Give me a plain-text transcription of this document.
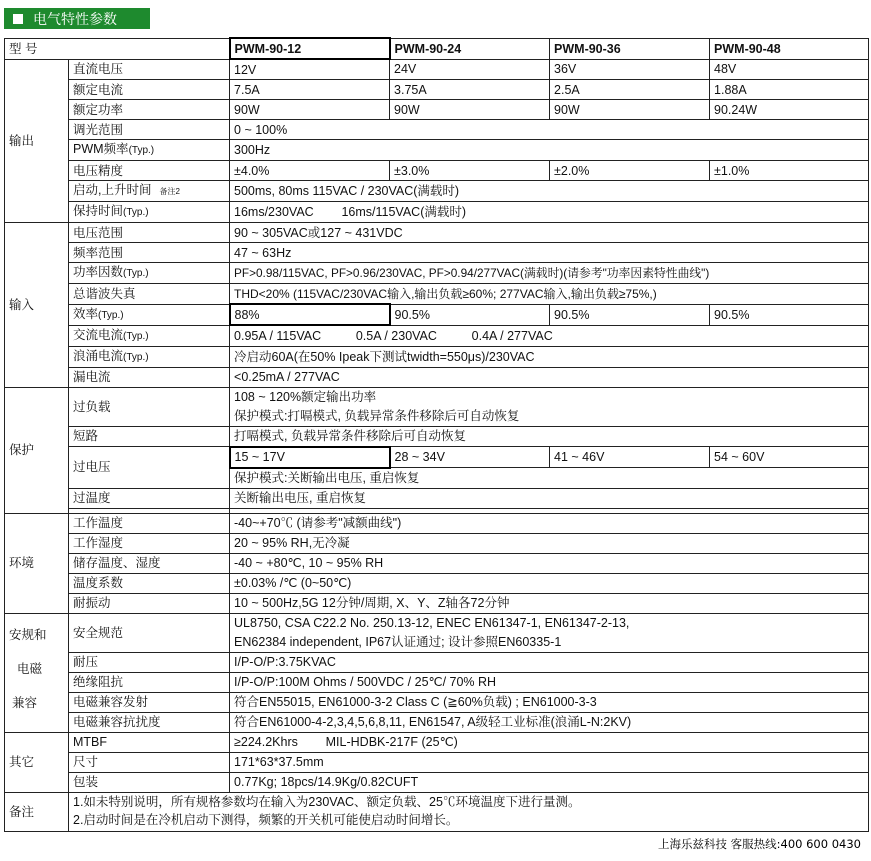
电气特性参数
型 号		PWM-90-12	PWM-90-24	PWM-90-36	PWM-90-48
输出	直流电压	12V	24V	36V	48V
	额定电流	7.5A	3.75A	2.5A	1.88A
	额定功率	90W	90W	90W	90.24W
	调光范围	0 ~ 100%			
	PWM频率(Typ.)	300Hz			
	电压精度	±4.0%	±3.0%	±2.0%	±1.0%
	启动,上升时间 备注2	500ms, 80ms 115VAC / 230VAC(满载时)			
	保持时间(Typ.)	16ms/230VAC        16ms/115VAC(满载时)			
输入	电压范围	90 ~ 305VAC或127 ~ 431VDC			
	频率范围	47 ~ 63Hz			
	功率因数(Typ.)	PF>0.98/115VAC, PF>0.96/230VAC, PF>0.94/277VAC(满载时)(请参考"功率因素特性曲线")			
	总谐波失真	THD<20% (115VAC/230VAC输入,输出负载≥60%; 277VAC输入,输出负载≥75%,)			
	效率(Typ.)	88%	90.5%	90.5%	90.5%
	交流电流(Typ.)	0.95A / 115VAC          0.5A / 230VAC          0.4A / 277VAC			
	浪涌电流(Typ.)	冷启动60A(在50% Ipeak下测试twidth=550μs)/230VAC			
	漏电流	<0.25mA / 277VAC			
保护	过负载	108 ~ 120%额定输出功率			
		保护模式:打嗝模式, 负载异常条件移除后可自动恢复			
	短路	打嗝模式, 负载异常条件移除后可自动恢复			
	过电压	15 ~ 17V	28 ~ 34V	41 ~ 46V	54 ~ 60V
		保护模式:关断输出电压, 重启恢复			
	过温度	关断输出电压, 重启恢复			

环境	工作温度	-40~+70℃ (请参考"减额曲线")			
	工作湿度	20 ~ 95% RH,无冷凝			
	储存温度、湿度	-40 ~ +80℃, 10 ~ 95% RH			
	温度系数	±0.03% /℃ (0~50℃)			
	耐振动	10 ~ 500Hz,5G 12分钟/周期, X、Y、Z轴各72分钟			

安规和
电磁
兼容	安全规范	UL8750, CSA C22.2 No. 250.13-12, ENEC EN61347-1, EN61347-2-13,			
		EN62384 independent, IP67认证通过; 设计参照EN60335-1			
	耐压	I/P-O/P:3.75KVAC			
	绝缘阻抗	I/P-O/P:100M Ohms / 500VDC / 25℃/ 70% RH			
	电磁兼容发射	符合EN55015, EN61000-3-2 Class C (≧60%负载) ; EN61000-3-3			
	电磁兼容抗扰度	符合EN61000-4-2,3,4,5,6,8,11, EN61547, A级轻工业标准(浪涌L-N:2KV)			
其它	MTBF	≥224.2Khrs        MIL-HDBK-217F (25℃)			
	尺寸	171*63*37.5mm			
	包装	0.77Kg; 18pcs/14.9Kg/0.82CUFT			
备注	1.如未特别说明，所有规格参数均在输入为230VAC、额定负载、25℃环境温度下进行量测。
2.启动时间是在冷机启动下测得，频繁的开关机可能使启动时间增长。				
上海乐兹科技 客服热线:400 600 0430
